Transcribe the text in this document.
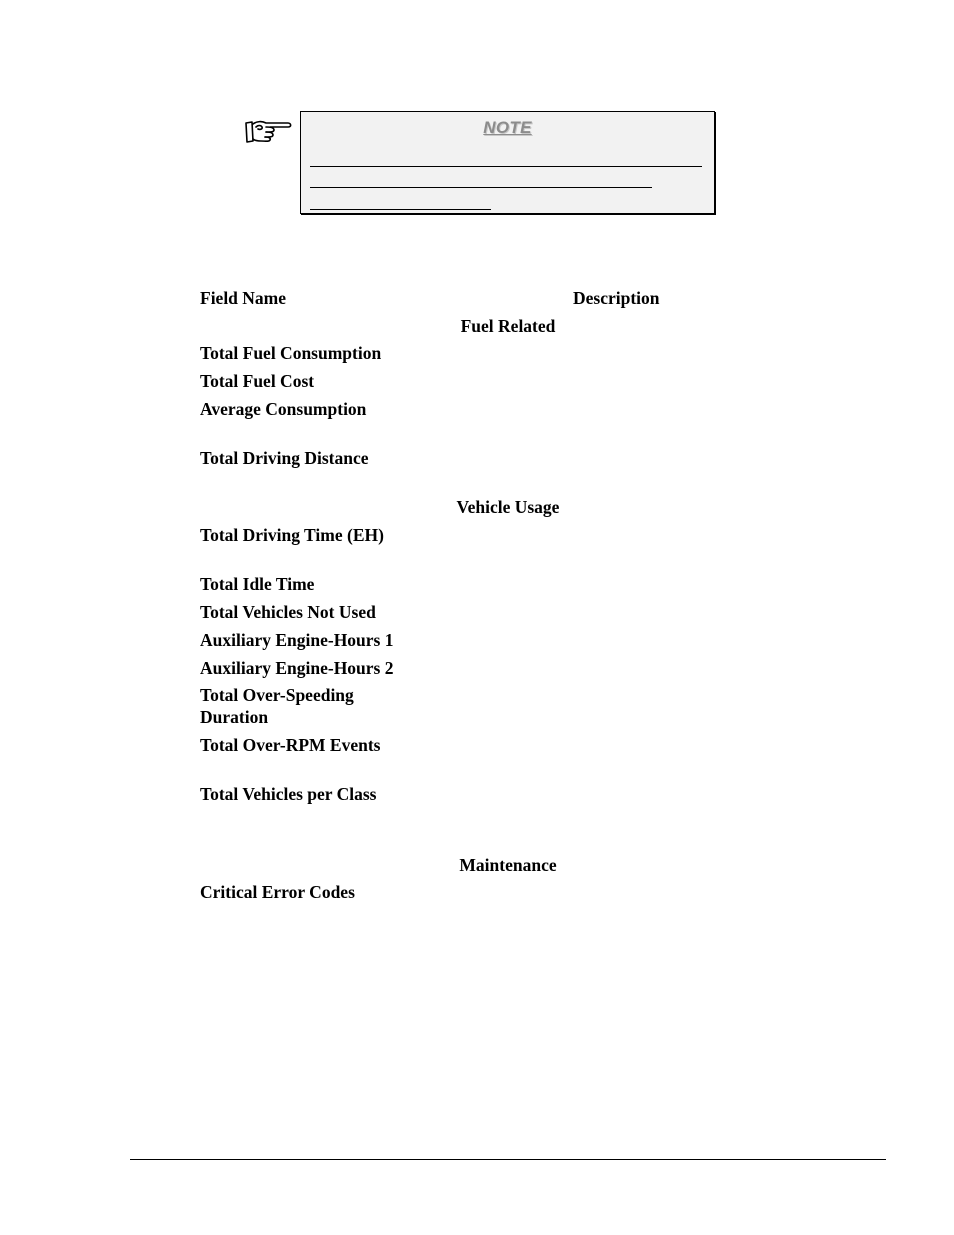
NOTE
Field Name	Description
Fuel Related
Total Fuel Consumption
Total Fuel Cost
Average Consumption
Total Driving Distance
Vehicle Usage
Total Driving Time (EH)
Total Idle Time
Total Vehicles Not Used
Auxiliary Engine-Hours 1
Auxiliary Engine-Hours 2
Total Over-Speeding Duration
Total Over-RPM Events
Total Vehicles per Class
Maintenance
Critical Error Codes
